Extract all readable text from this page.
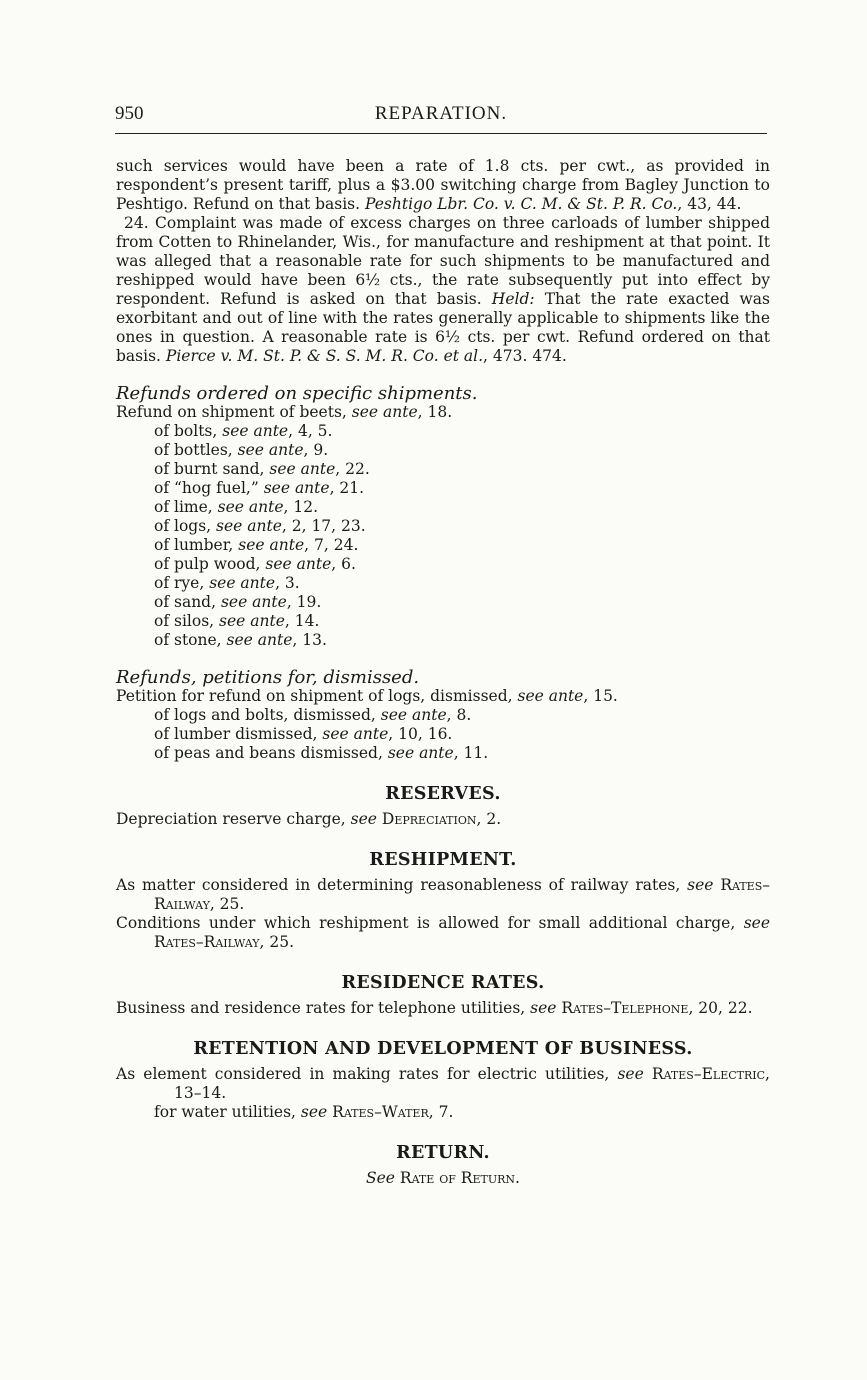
950	REPARATION.

such services would have been a rate of 1.8 cts. per cwt., as provided in respondent’s present tariff, plus a $3.00 switching charge from Bagley Junction to Peshtigo. Refund on that basis. Peshtigo Lbr. Co. v. C. M. & St. P. R. Co., 43, 44.

24. Complaint was made of excess charges on three carloads of lumber shipped from Cotten to Rhinelander, Wis., for manufacture and reshipment at that point. It was alleged that a reasonable rate for such shipments to be manufactured and reshipped would have been 6½ cts., the rate subsequently put into effect by respondent. Refund is asked on that basis. Held: That the rate exacted was exorbitant and out of line with the rates generally applicable to shipments like the ones in question. A reasonable rate is 6½ cts. per cwt. Refund ordered on that basis. Pierce v. M. St. P. & S. S. M. R. Co. et al., 473. 474.

Refunds ordered on specific shipments.
Refund on shipment of beets, see ante, 18.
of bolts, see ante, 4, 5.
of bottles, see ante, 9.
of burnt sand, see ante, 22.
of “hog fuel,” see ante, 21.
of lime, see ante, 12.
of logs, see ante, 2, 17, 23.
of lumber, see ante, 7, 24.
of pulp wood, see ante, 6.
of rye, see ante, 3.
of sand, see ante, 19.
of silos, see ante, 14.
of stone, see ante, 13.
Refunds, petitions for, dismissed.
Petition for refund on shipment of logs, dismissed, see ante, 15.
of logs and bolts, dismissed, see ante, 8.
of lumber dismissed, see ante, 10, 16.
of peas and beans dismissed, see ante, 11.
RESERVES.
Depreciation reserve charge, see Depreciation, 2.
RESHIPMENT.
As matter considered in determining reasonableness of railway rates, see Rates–Railway, 25.
Conditions under which reshipment is allowed for small additional charge, see Rates–Railway, 25.
RESIDENCE RATES.
Business and residence rates for telephone utilities, see Rates–Telephone, 20, 22.
RETENTION AND DEVELOPMENT OF BUSINESS.
As element considered in making rates for electric utilities, see Rates–Electric, 13–14.
for water utilities, see Rates–Water, 7.
RETURN.
See Rate of Return.
